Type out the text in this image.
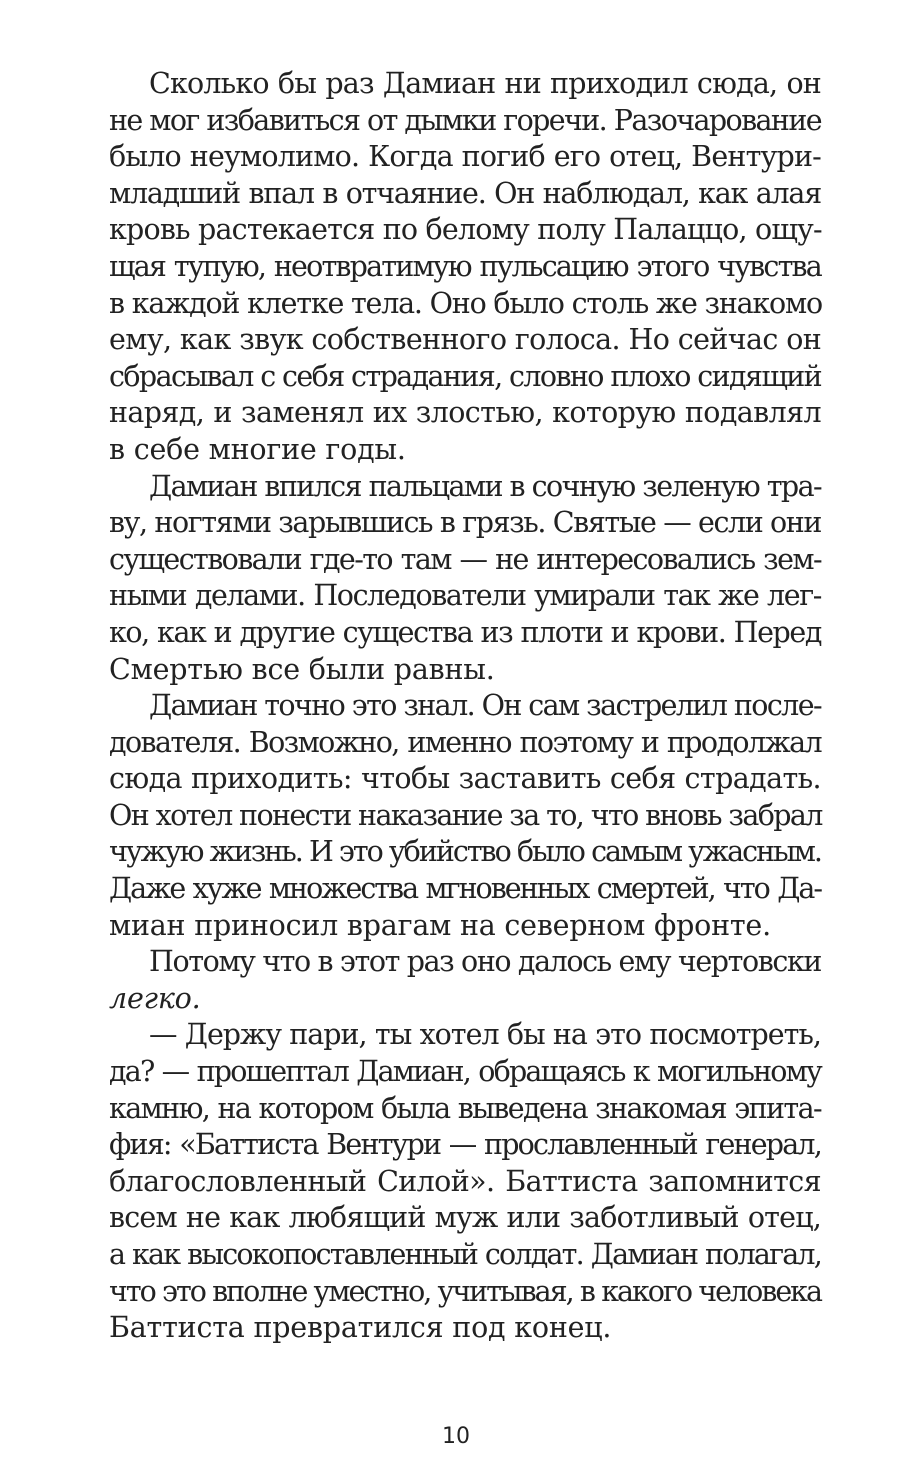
Сколько бы раз Дамиан ни приходил сюда, он
не мог избавиться от дымки горечи. Разочарование
было неумолимо. Когда погиб его отец, Вентури-
младший впал в отчаяние. Он наблюдал, как алая
кровь растекается по белому полу Палаццо, ощу-
щая тупую, неотвратимую пульсацию этого чувства
в каждой клетке тела. Оно было столь же знакомо
ему, как звук собственного голоса. Но сейчас он
сбрасывал с себя страдания, словно плохо сидящий
наряд, и заменял их злостью, которую подавлял
в себе многие годы.
Дамиан впился пальцами в сочную зеленую тра-
ву, ногтями зарывшись в грязь. Святые — если они
существовали где-то там — не интересовались зем-
ными делами. Последователи умирали так же лег-
ко, как и другие существа из плоти и крови. Перед
Смертью все были равны.
Дамиан точно это знал. Он сам застрелил после-
дователя. Возможно, именно поэтому и продолжал
сюда приходить: чтобы заставить себя страдать.
Он хотел понести наказание за то, что вновь забрал
чужую жизнь. И это убийство было самым ужасным.
Даже хуже множества мгновенных смертей, что Да-
миан приносил врагам на северном фронте.
Потому что в этот раз оно далось ему чертовски
легко.
— Держу пари, ты хотел бы на это посмотреть,
да? — прошептал Дамиан, обращаясь к могильному
камню, на котором была выведена знакомая эпита-
фия: «Баттиста Вентури — прославленный генерал,
благословленный Силой». Баттиста запомнится
всем не как любящий муж или заботливый отец,
а как высокопоставленный солдат. Дамиан полагал,
что это вполне уместно, учитывая, в какого человека
Баттиста превратился под конец.
10
